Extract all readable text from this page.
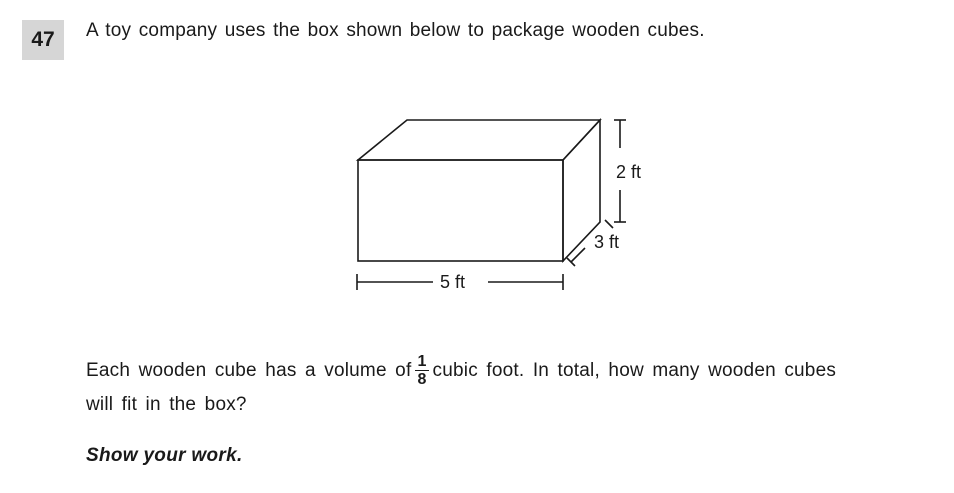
47 A toy company uses the box shown below to package wooden cubes.
2 ft
3 ft
5 ft
Each wooden cube has a volume of $\frac{1}{8}$ cubic foot. In total, how many wooden cubes
will fit in the box?
Show your work.
